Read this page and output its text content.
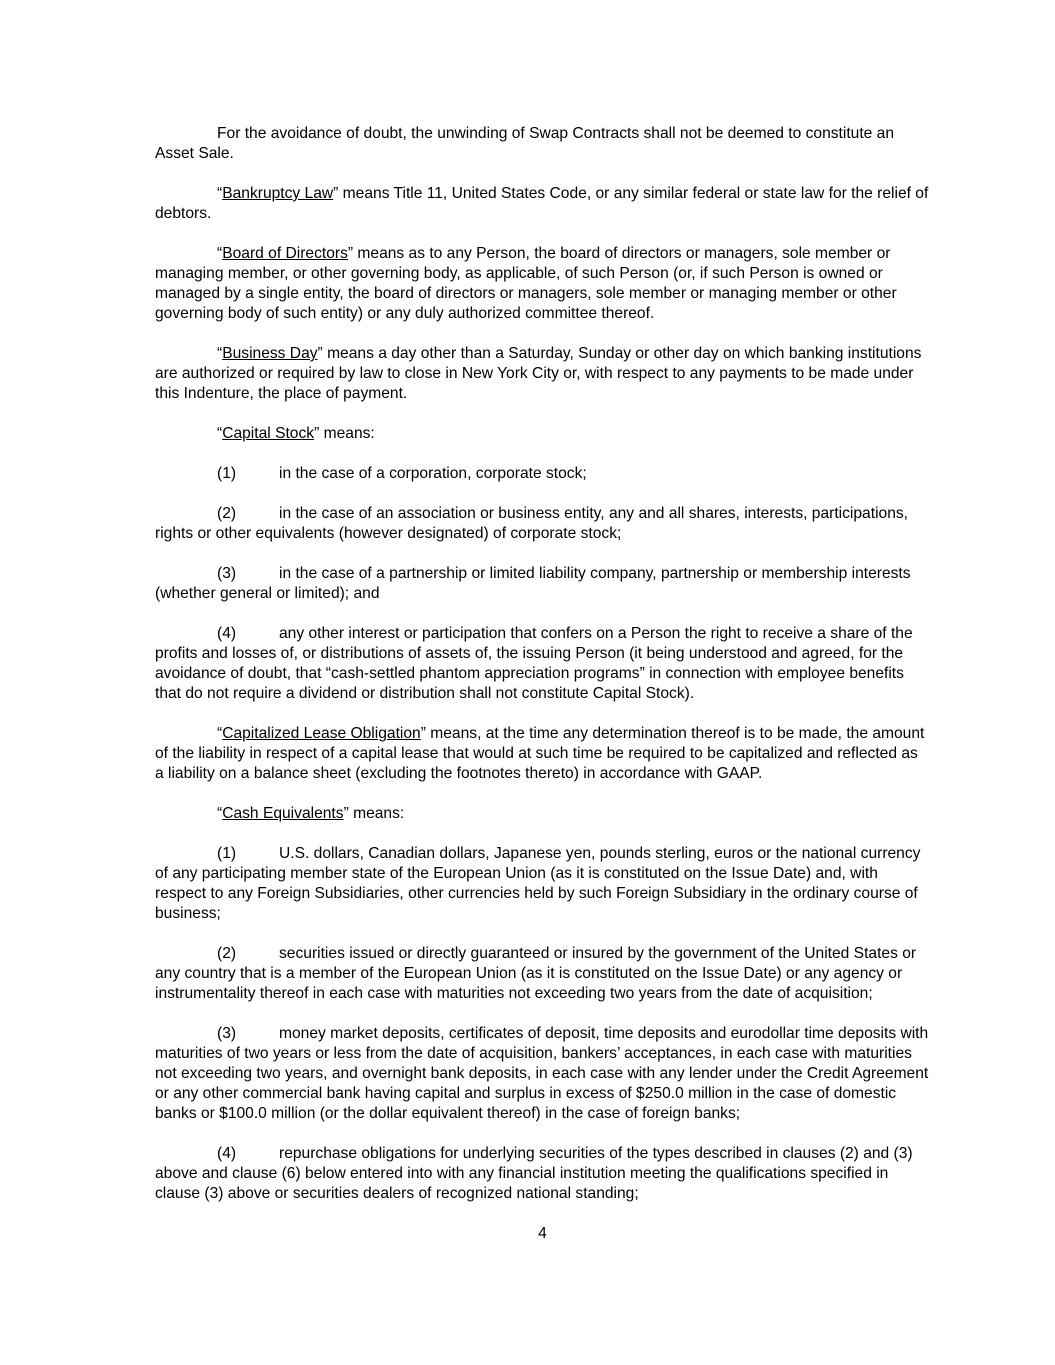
For the avoidance of doubt, the unwinding of Swap Contracts shall not be deemed to constitute an Asset Sale.

“Bankruptcy Law” means Title 11, United States Code, or any similar federal or state law for the relief of debtors.

“Board of Directors” means as to any Person, the board of directors or managers, sole member or managing member, or other governing body, as applicable, of such Person (or, if such Person is owned or managed by a single entity, the board of directors or managers, sole member or managing member or other governing body of such entity) or any duly authorized committee thereof.

“Business Day” means a day other than a Saturday, Sunday or other day on which banking institutions are authorized or required by law to close in New York City or, with respect to any payments to be made under this Indenture, the place of payment.

“Capital Stock” means:

(1)	in the case of a corporation, corporate stock;

(2)	in the case of an association or business entity, any and all shares, interests, participations, rights or other equivalents (however designated) of corporate stock;

(3)	in the case of a partnership or limited liability company, partnership or membership interests (whether general or limited); and

(4)	any other interest or participation that confers on a Person the right to receive a share of the profits and losses of, or distributions of assets of, the issuing Person (it being understood and agreed, for the avoidance of doubt, that “cash-settled phantom appreciation programs” in connection with employee benefits that do not require a dividend or distribution shall not constitute Capital Stock).

“Capitalized Lease Obligation” means, at the time any determination thereof is to be made, the amount of the liability in respect of a capital lease that would at such time be required to be capitalized and reflected as a liability on a balance sheet (excluding the footnotes thereto) in accordance with GAAP.

“Cash Equivalents” means:

(1)	U.S. dollars, Canadian dollars, Japanese yen, pounds sterling, euros or the national currency of any participating member state of the European Union (as it is constituted on the Issue Date) and, with respect to any Foreign Subsidiaries, other currencies held by such Foreign Subsidiary in the ordinary course of business;

(2)	securities issued or directly guaranteed or insured by the government of the United States or any country that is a member of the European Union (as it is constituted on the Issue Date) or any agency or instrumentality thereof in each case with maturities not exceeding two years from the date of acquisition;

(3)	money market deposits, certificates of deposit, time deposits and eurodollar time deposits with maturities of two years or less from the date of acquisition, bankers’ acceptances, in each case with maturities not exceeding two years, and overnight bank deposits, in each case with any lender under the Credit Agreement or any other commercial bank having capital and surplus in excess of $250.0 million in the case of domestic banks or $100.0 million (or the dollar equivalent thereof) in the case of foreign banks;

(4)	repurchase obligations for underlying securities of the types described in clauses (2) and (3) above and clause (6) below entered into with any financial institution meeting the qualifications specified in clause (3) above or securities dealers of recognized national standing;

4
